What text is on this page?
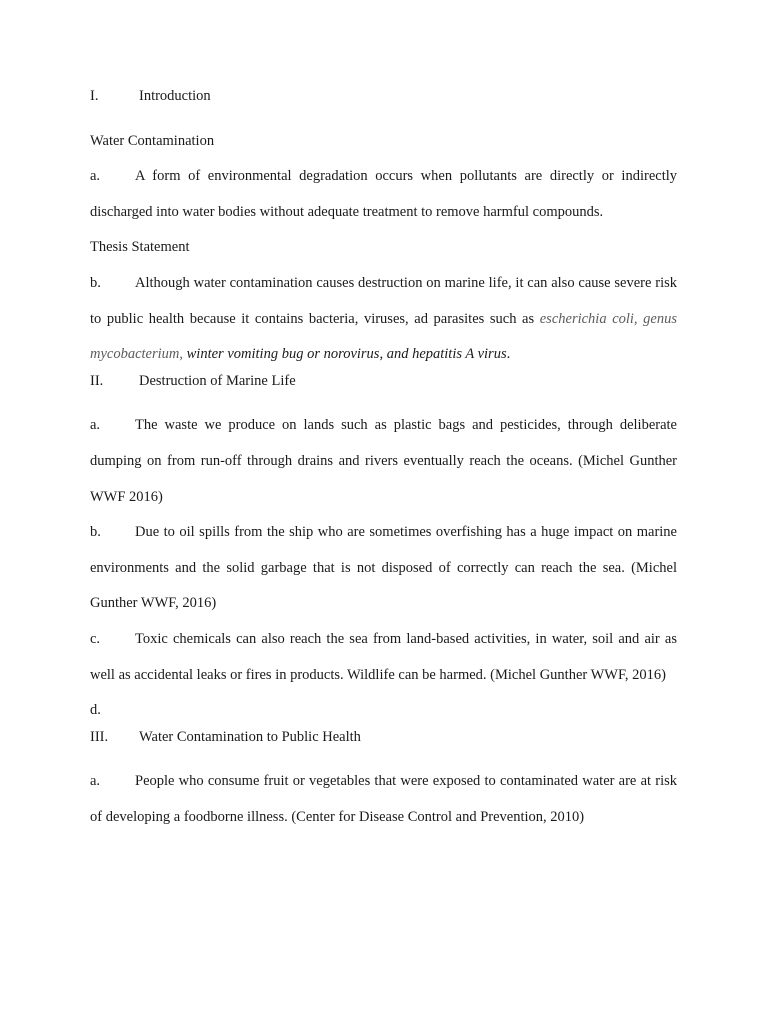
I.	Introduction

Water Contamination

a. A form of environmental degradation occurs when pollutants are directly or indirectly discharged into water bodies without adequate treatment to remove harmful compounds.

Thesis Statement

b. Although water contamination causes destruction on marine life, it can also cause severe risk to public health because it contains bacteria, viruses, ad parasites such as escherichia coli, genus mycobacterium, winter vomiting bug or norovirus, and hepatitis A virus.

II. Destruction of Marine Life

a. The waste we produce on lands such as plastic bags and pesticides, through deliberate dumping on from run-off through drains and rivers eventually reach the oceans. (Michel Gunther WWF 2016)

b. Due to oil spills from the ship who are sometimes overfishing has a huge impact on marine environments and the solid garbage that is not disposed of correctly can reach the sea. (Michel Gunther WWF, 2016)

c. Toxic chemicals can also reach the sea from land-based activities, in water, soil and air as well as accidental leaks or fires in products. Wildlife can be harmed. (Michel Gunther WWF, 2016)

d.

III. Water Contamination to Public Health

a. People who consume fruit or vegetables that were exposed to contaminated water are at risk of developing a foodborne illness. (Center for Disease Control and Prevention, 2010)
